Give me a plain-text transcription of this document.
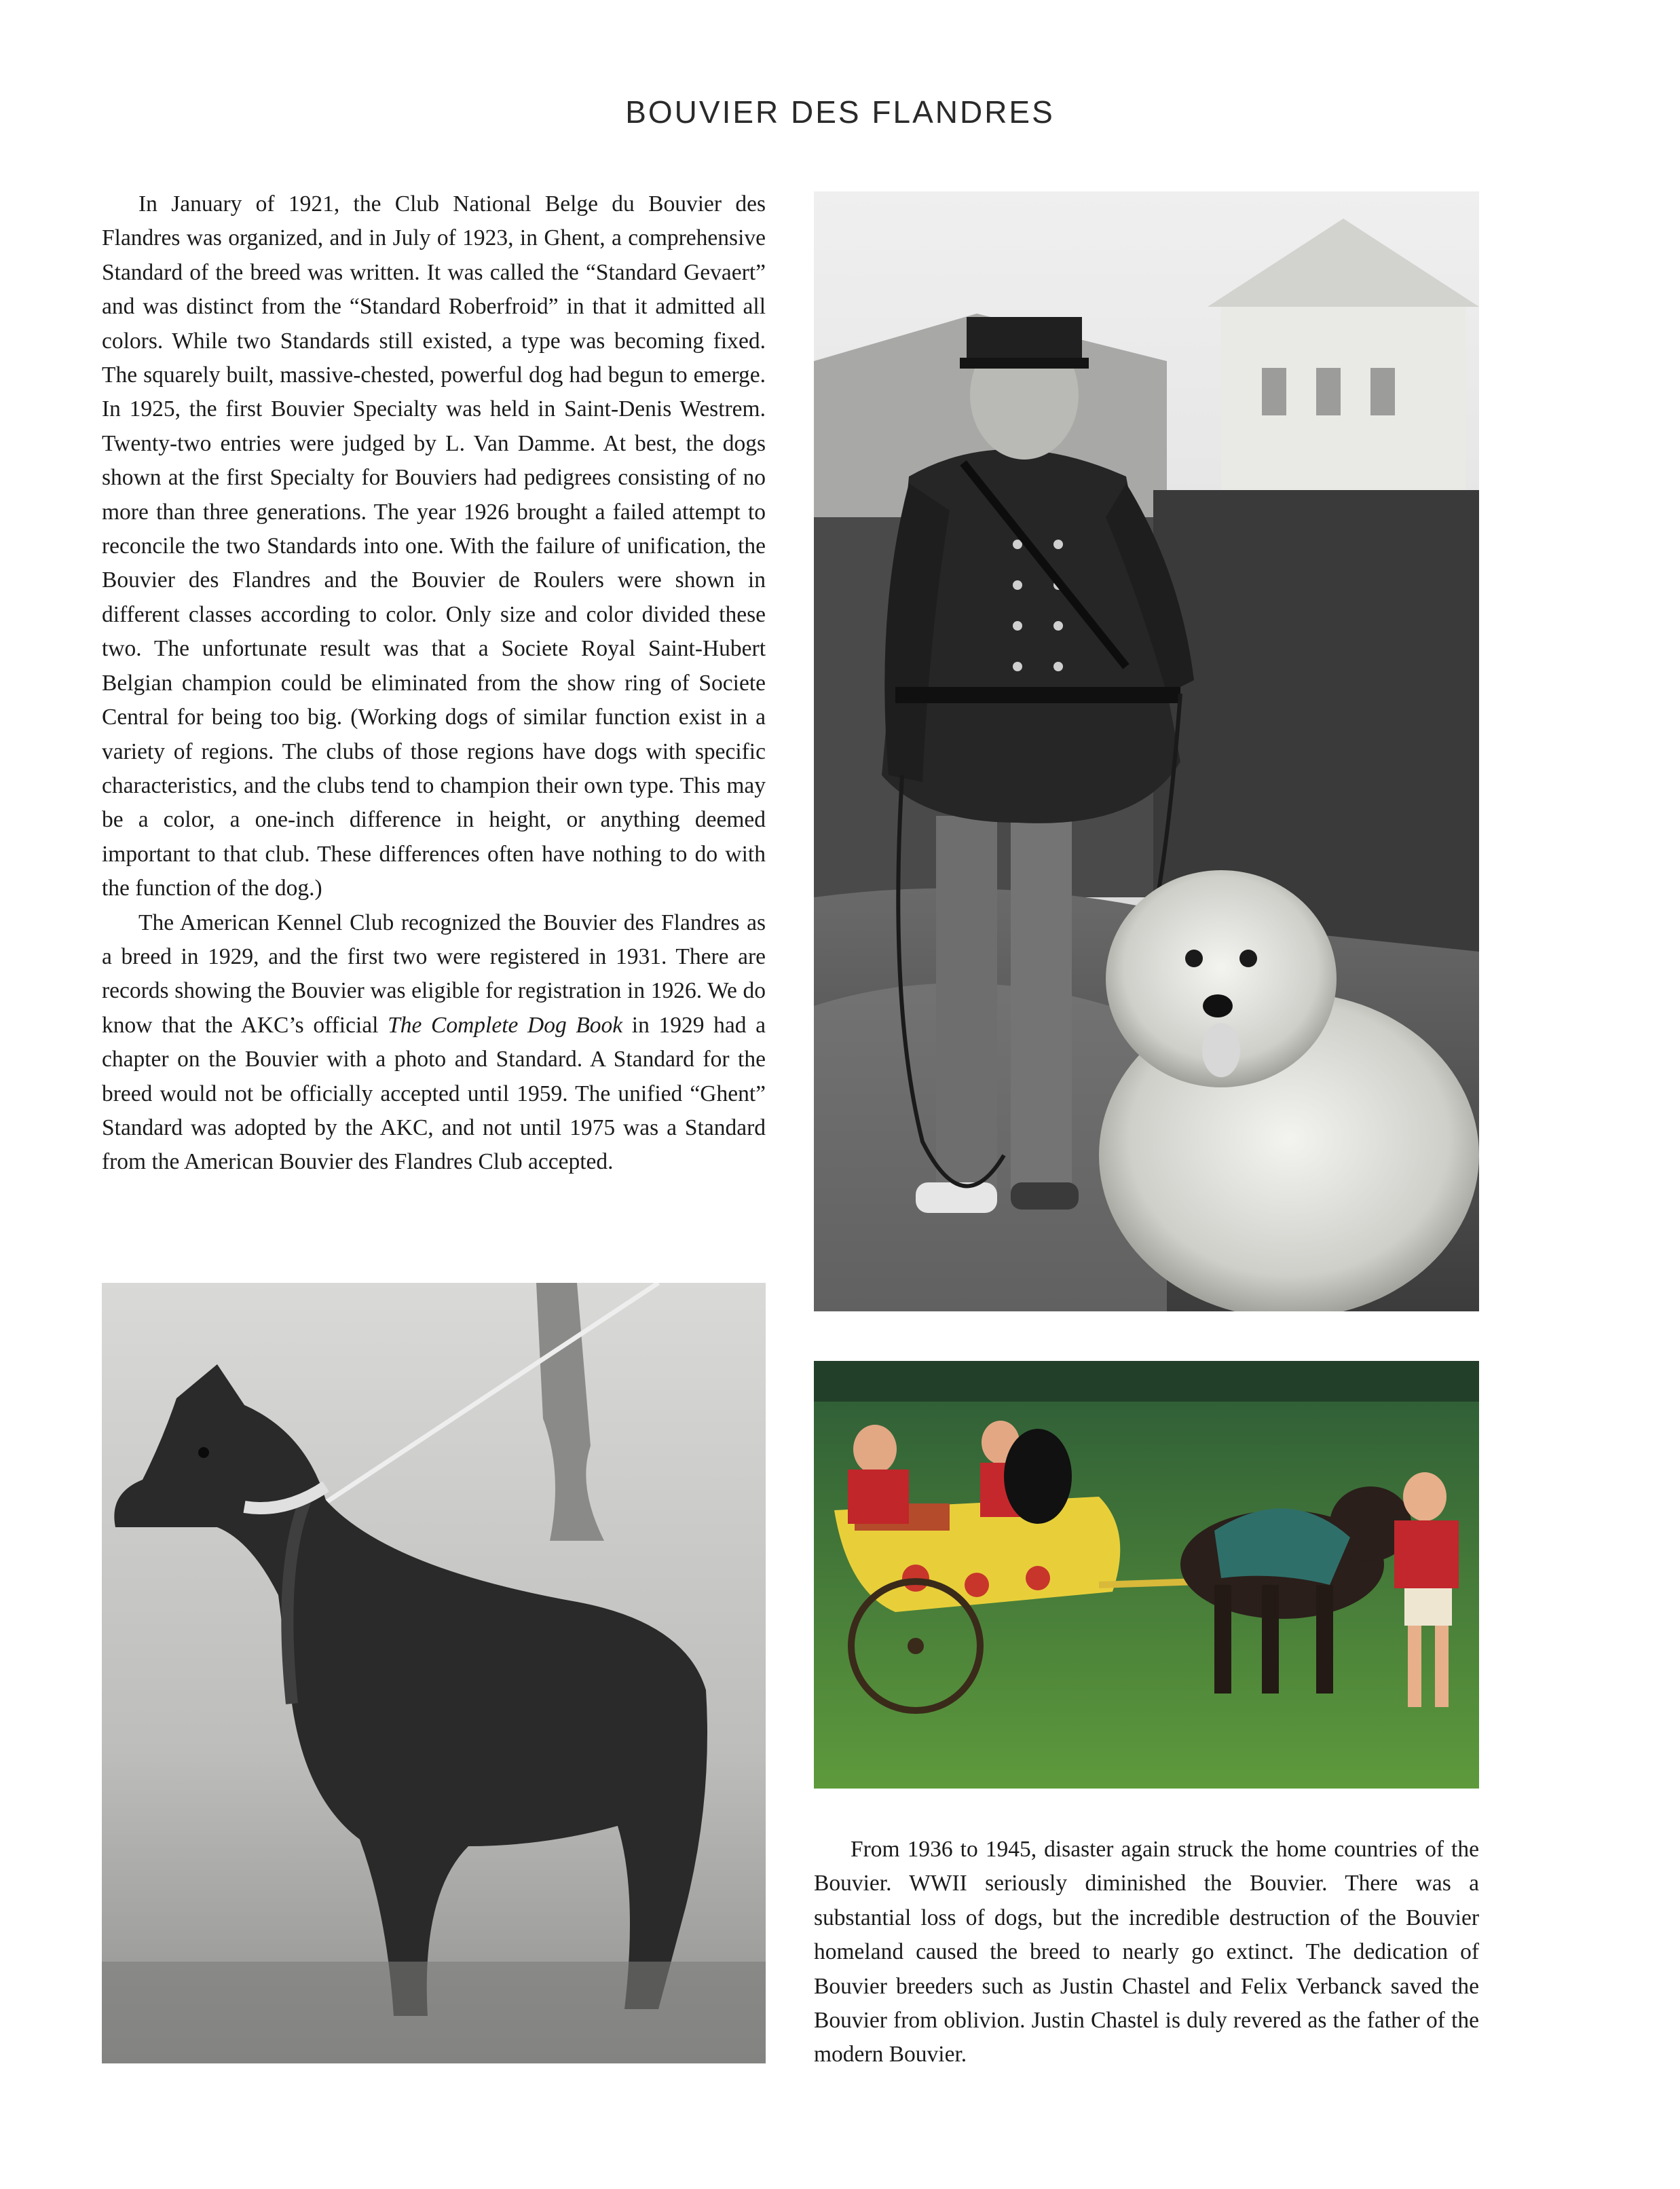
BOUVIER DES FLANDRES

In January of 1921, the Club National Belge du Bouvier des Flandres was organized, and in July of 1923, in Ghent, a comprehensive Standard of the breed was written. It was called the “Standard Gevaert” and was distinct from the “Standard Roberfroid” in that it admitted all colors. While two Standards still existed, a type was becoming fixed. The squarely built, massive-chested, powerful dog had begun to emerge. In 1925, the first Bouvier Specialty was held in Saint-Denis Westrem. Twenty-two entries were judged by L. Van Damme. At best, the dogs shown at the first Specialty for Bouviers had pedigrees consisting of no more than three generations. The year 1926 brought a failed attempt to reconcile the two Standards into one. With the failure of unification, the Bouvier des Flandres and the Bouvier de Roulers were shown in different classes according to color. Only size and color divided these two. The unfortunate result was that a Societe Royal Saint-Hubert Belgian champion could be eliminated from the show ring of Societe Central for being too big. (Working dogs of similar function exist in a variety of regions. The clubs of those regions have dogs with specific characteristics, and the clubs tend to champion their own type. This may be a color, a one-inch difference in height, or anything deemed important to that club. These differences often have nothing to do with the function of the dog.)

The American Kennel Club recognized the Bouvier des Flandres as a breed in 1929, and the first two were registered in 1931. There are records showing the Bouvier was eligible for registration in 1926. We do know that the AKC’s official The Complete Dog Book in 1929 had a chapter on the Bouvier with a photo and Standard. A Standard for the breed would not be officially accepted until 1959. The unified “Ghent” Standard was adopted by the AKC, and not until 1975 was a Standard from the American Bouvier des Flandres Club accepted.

From 1936 to 1945, disaster again struck the home countries of the Bouvier. WWII seriously diminished the Bouvier. There was a substantial loss of dogs, but the incredible destruction of the Bouvier homeland caused the breed to nearly go extinct. The dedication of Bouvier breeders such as Justin Chastel and Felix Verbanck saved the Bouvier from oblivion. Justin Chastel is duly revered as the father of the modern Bouvier.
